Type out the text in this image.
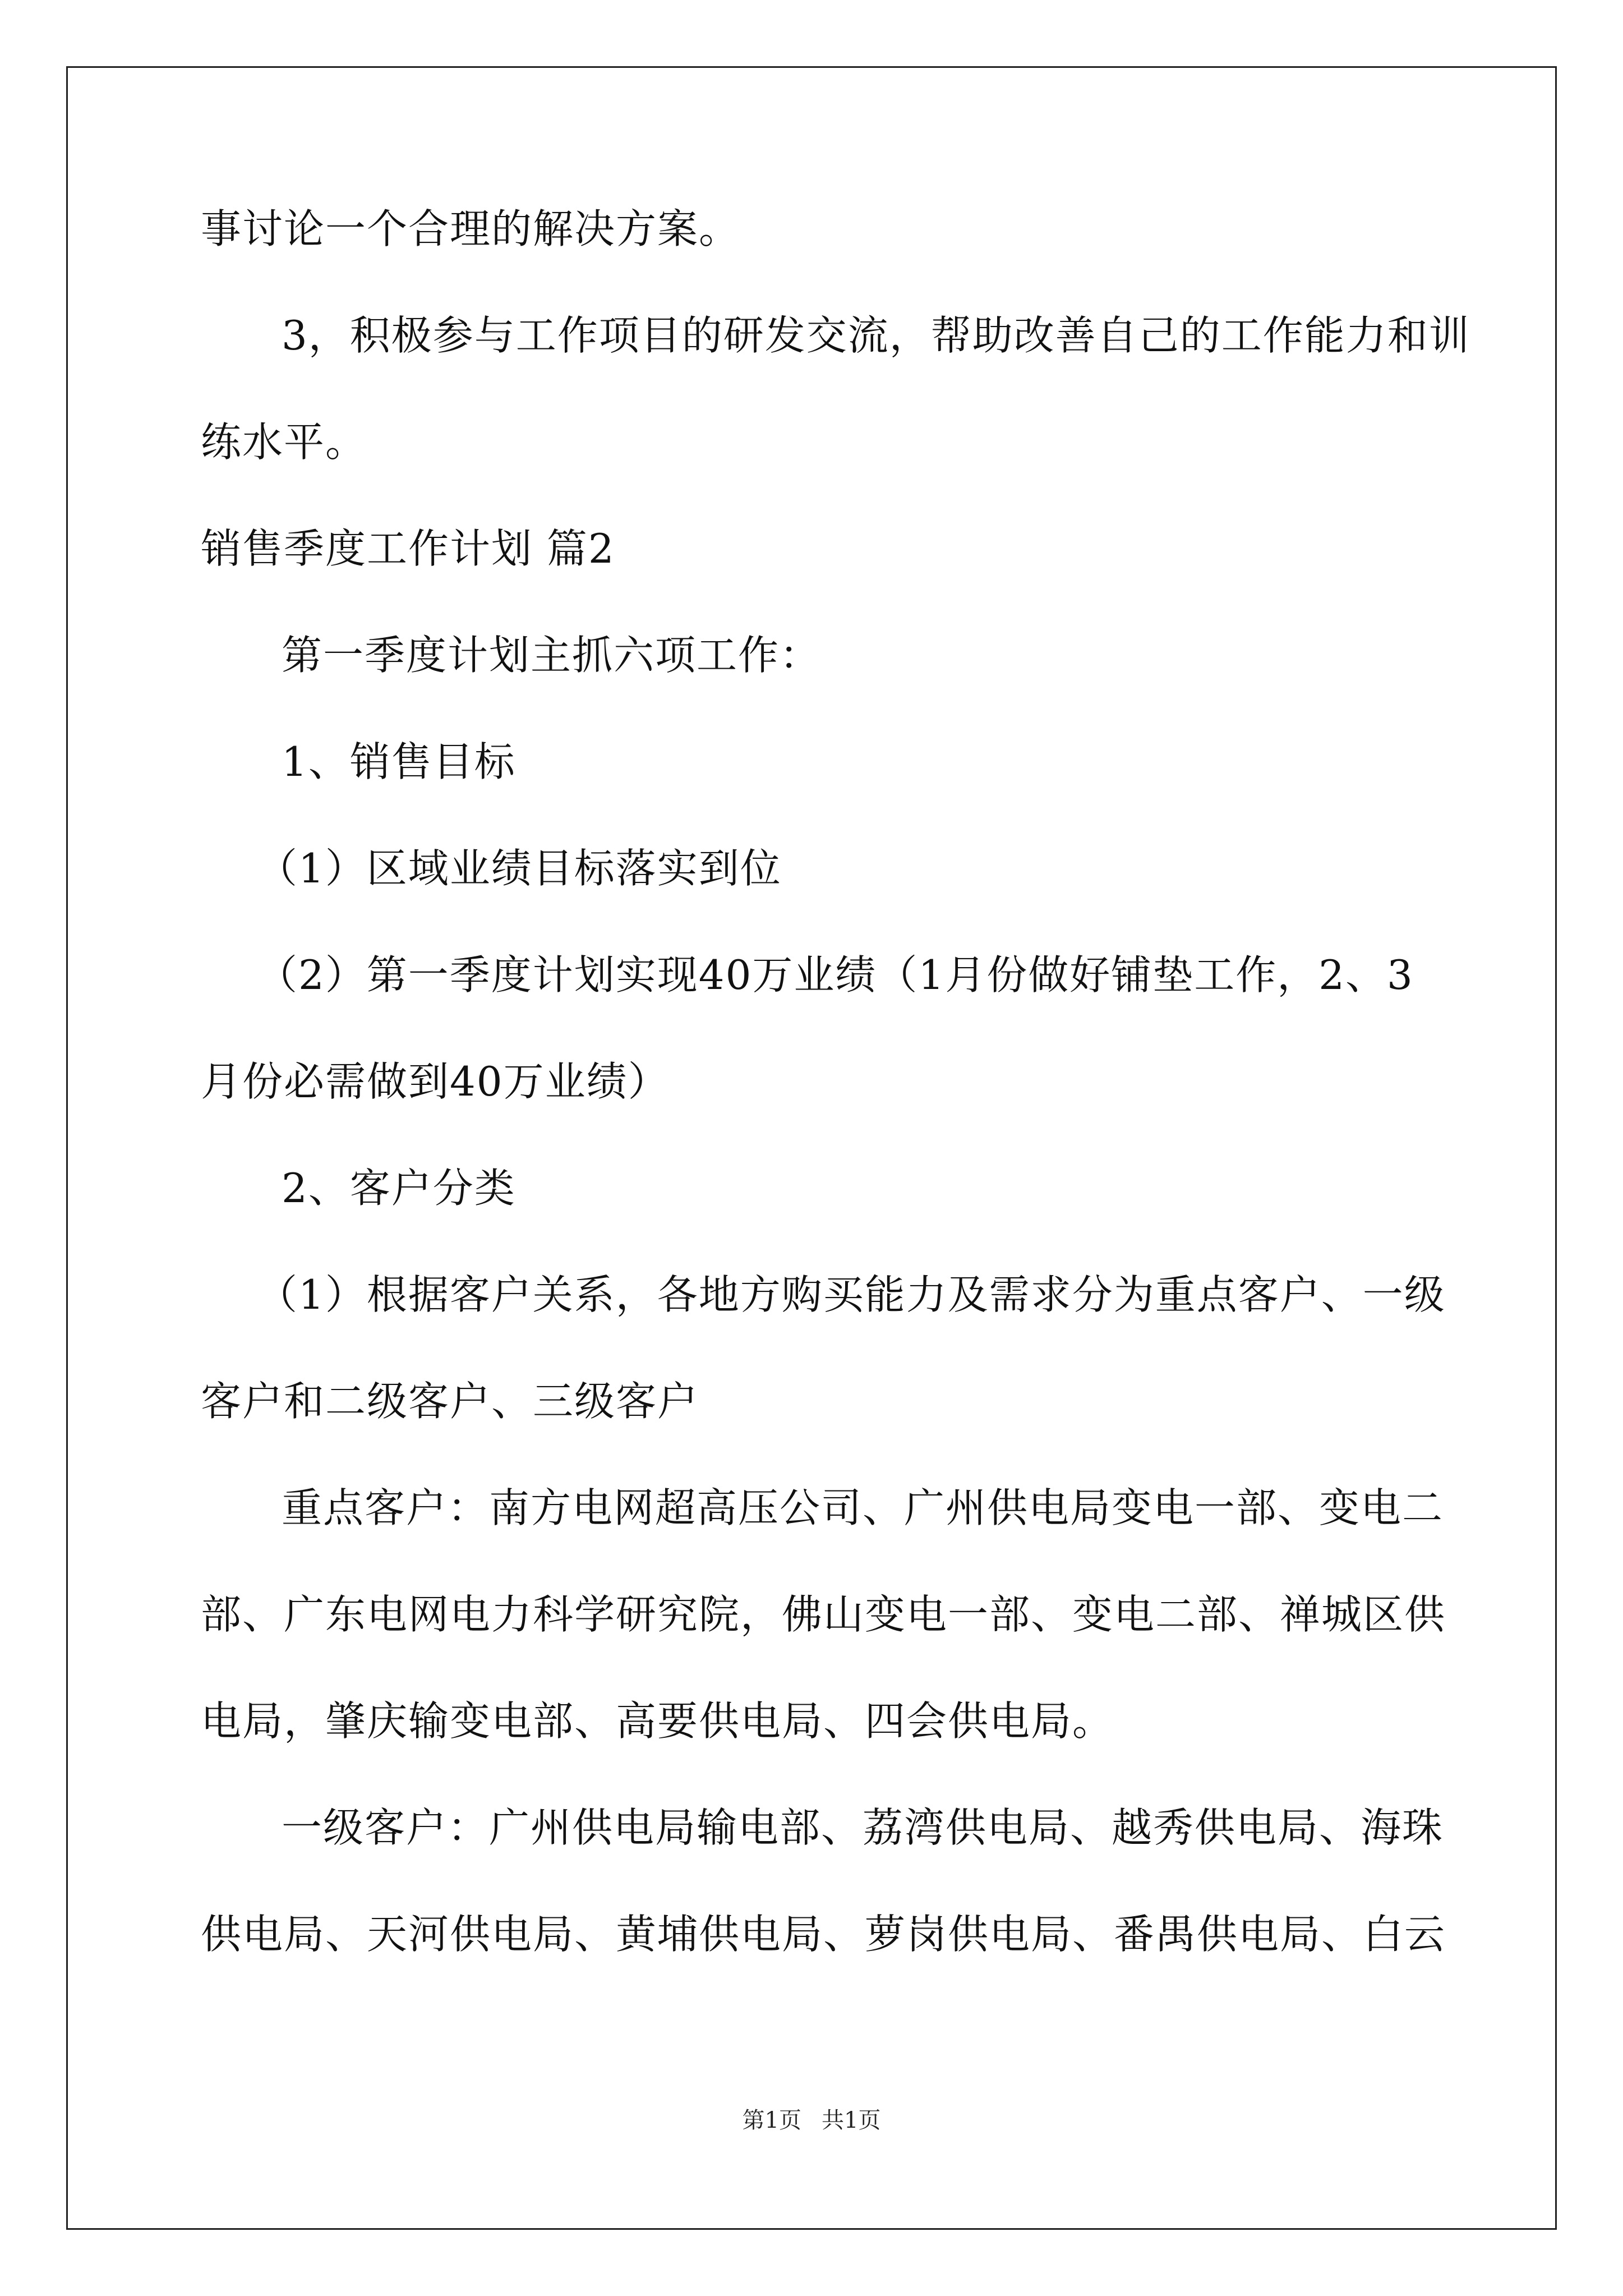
事讨论一个合理的解决方案。
3，积极参与工作项目的研发交流，帮助改善自己的工作能力和训
练水平。
销售季度工作计划 篇2
第一季度计划主抓六项工作：
1、销售目标
（1）区域业绩目标落实到位
（2）第一季度计划实现40万业绩（1月份做好铺垫工作，2、3
月份必需做到40万业绩）
2、客户分类
（1）根据客户关系，各地方购买能力及需求分为重点客户、一级
客户和二级客户、三级客户
重点客户：南方电网超高压公司、广州供电局变电一部、变电二
部、广东电网电力科学研究院，佛山变电一部、变电二部、禅城区供
电局，肇庆输变电部、高要供电局、四会供电局。
一级客户：广州供电局输电部、荔湾供电局、越秀供电局、海珠
供电局、天河供电局、黄埔供电局、萝岗供电局、番禺供电局、白云
第1页 共1页
